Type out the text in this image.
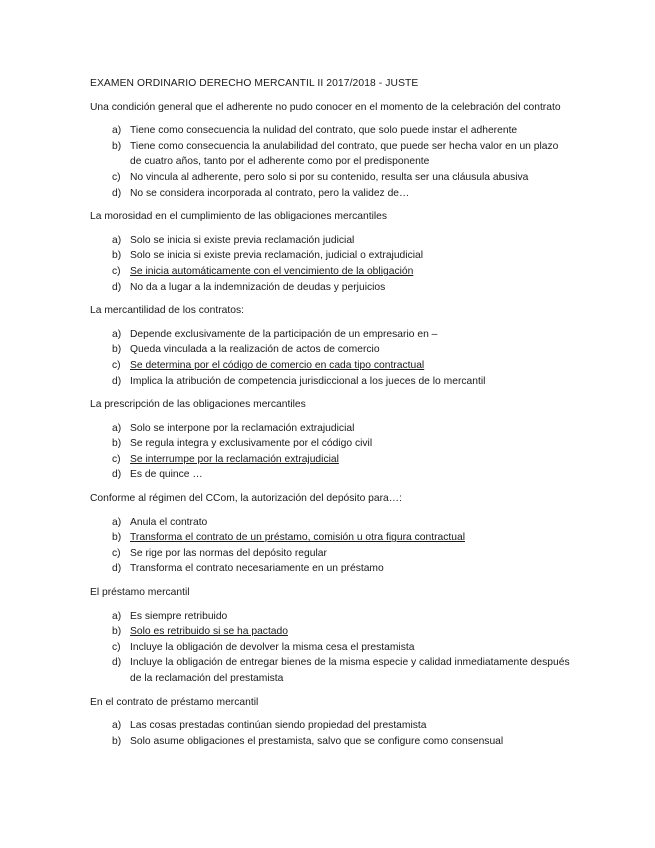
EXAMEN ORDINARIO DERECHO MERCANTIL II 2017/2018 - JUSTE

Una condición general que el adherente no pudo conocer en el momento de la celebración del contrato

a) Tiene como consecuencia la nulidad del contrato, que solo puede instar el adherente
b) Tiene como consecuencia la anulabilidad del contrato, que puede ser hecha valor en un plazo de cuatro años, tanto por el adherente como por el predisponente
c) No vincula al adherente, pero solo si por su contenido, resulta ser una cláusula abusiva
d) No se considera incorporada al contrato, pero la validez de…

La morosidad en el cumplimiento de las obligaciones mercantiles

a) Solo se inicia si existe previa reclamación judicial
b) Solo se inicia si existe previa reclamación, judicial o extrajudicial
c) Se inicia automáticamente con el vencimiento de la obligación
d) No da a lugar a la indemnización de deudas y perjuicios

La mercantilidad de los contratos:

a) Depende exclusivamente de la participación de un empresario en –
b) Queda vinculada a la realización de actos de comercio
c) Se determina por el código de comercio en cada tipo contractual
d) Implica la atribución de competencia jurisdiccional a los jueces de lo mercantil

La prescripción de las obligaciones mercantiles

a) Solo se interpone por la reclamación extrajudicial
b) Se regula integra y exclusivamente por el código civil
c) Se interrumpe por la reclamación extrajudicial
d) Es de quince …

Conforme al régimen del CCom, la autorización del depósito para…:

a) Anula el contrato
b) Transforma el contrato de un préstamo, comisión u otra figura contractual
c) Se rige por las normas del depósito regular
d) Transforma el contrato necesariamente en un préstamo

El préstamo mercantil

a) Es siempre retribuido
b) Solo es retribuido si se ha pactado
c) Incluye la obligación de devolver la misma cesa el prestamista
d) Incluye la obligación de entregar bienes de la misma especie y calidad inmediatamente después de la reclamación del prestamista

En el contrato de préstamo mercantil

a) Las cosas prestadas continúan siendo propiedad del prestamista
b) Solo asume obligaciones el prestamista, salvo que se configure como consensual
